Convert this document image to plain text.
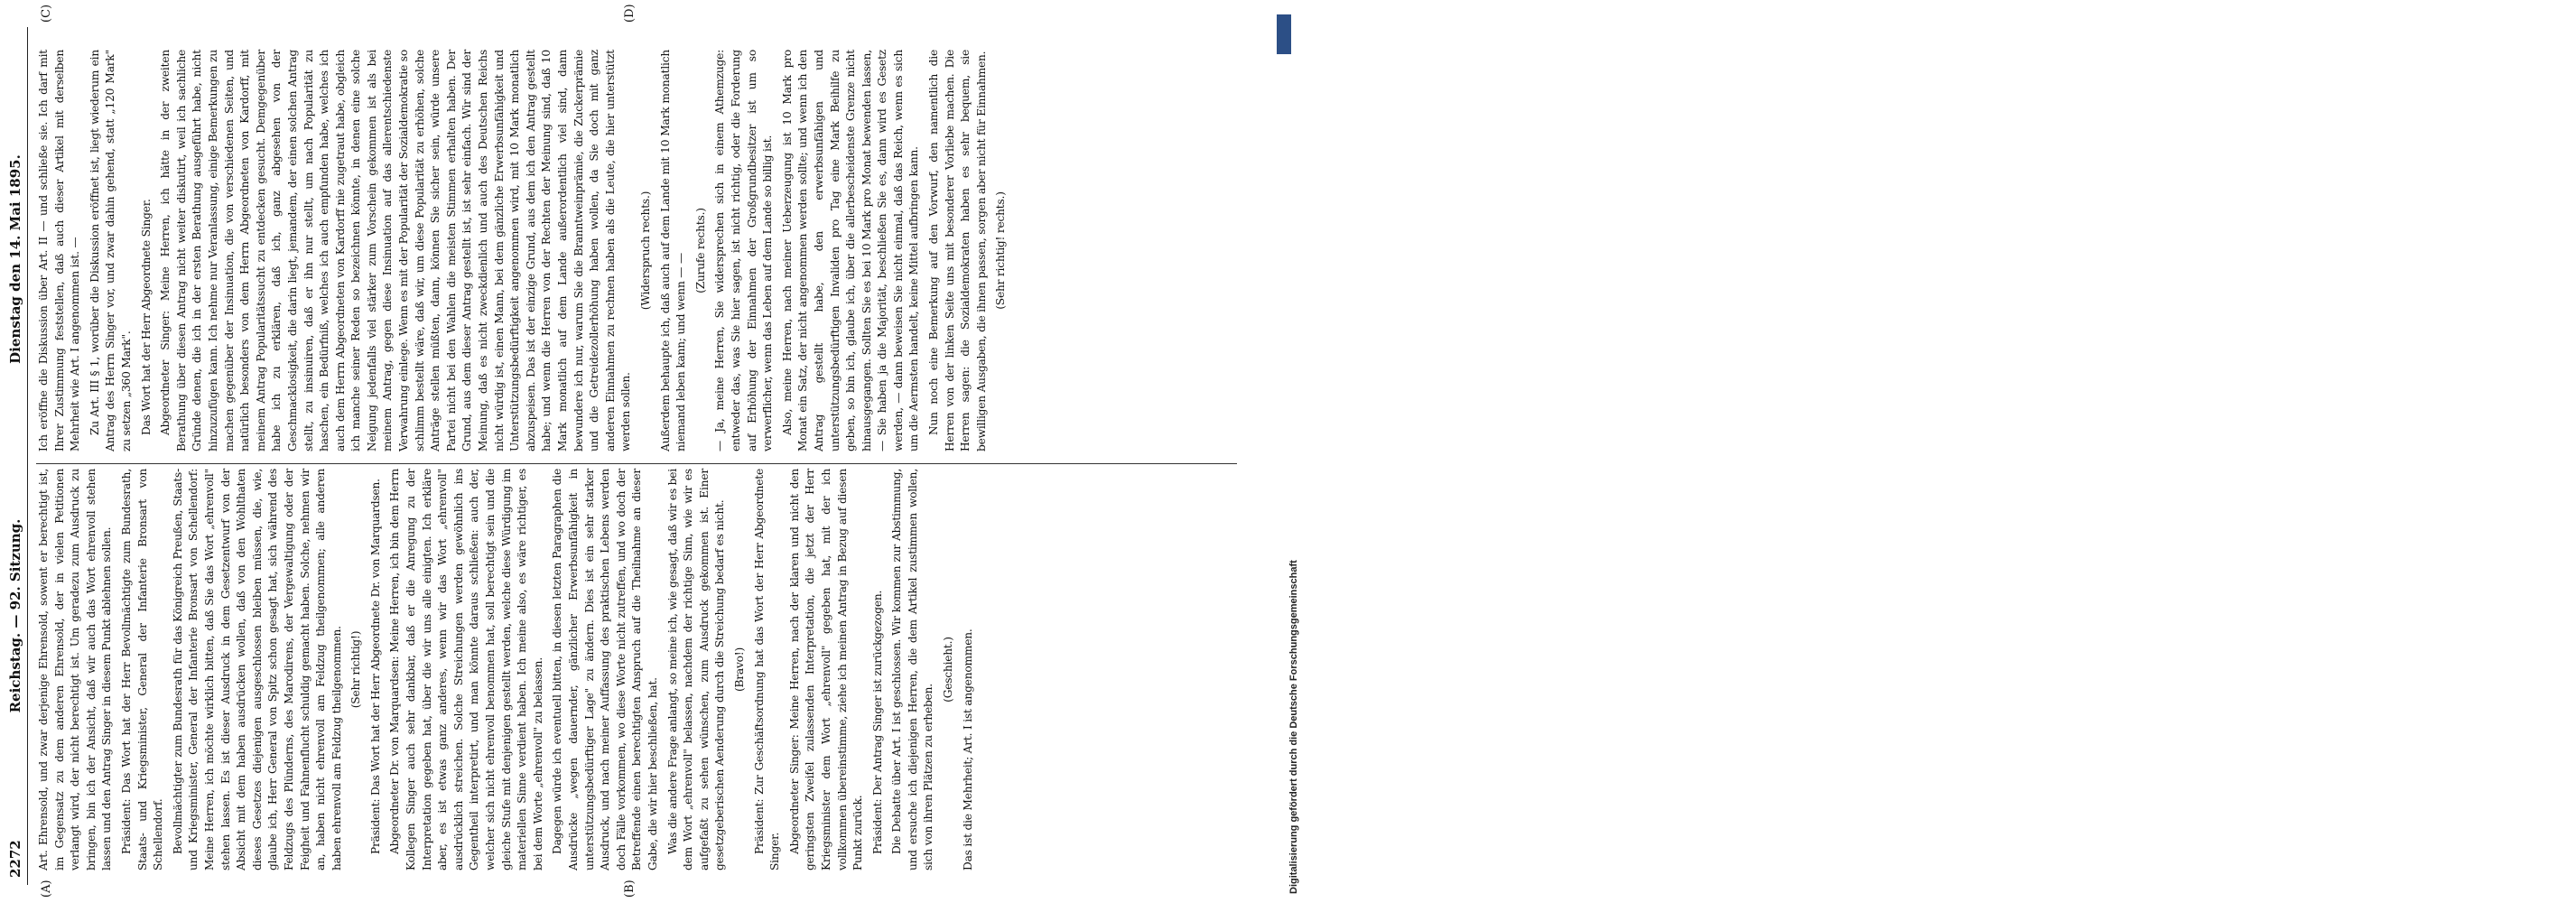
2272
Reichstag. — 92. Sitzung.
Dienstag den 14. Mai 1895.
(A)	(B)
(C)	(D)

Art. Ehrensold, und zwar derjenige Ehrensold, sowent er berechtigt ist, im Gegensatz zu dem anderen Ehrensold, der in vielen Petitionen verlangt wird, der nicht berechtigt ist. Um geradezu zum Ausdruck zu bringen, bin ich der Ansicht, daß wir auch das Wort ehrenvoll stehen lassen und den Antrag Singer in diesem Punkt ablehnen sollen. Präsident: Das Wort hat der Herr Bevollmächtigte zum Bundesrath, Staats- und Kriegsminister, General der Infanterie Bronsart von Schellendorf. Bevollmächtigter zum Bundesrath für das Königreich Preußen, Staats- und Kriegsminister, General der Infanterie Bronsart von Schellendorf: Meine Herren, ich möchte wirklich bitten, daß Sie das Wort „ehrenvoll" stehen lassen. Es ist dieser Ausdruck in dem Gesetzentwurf von der Absicht mit dem haben ausdrücken wollen, daß von den Wohlthaten dieses Gesetzes diejenigen ausgeschlossen bleiben müssen, die, wie, glaube ich, Herr General von Spitz schon gesagt hat, sich während des Feldzugs des Plünderns, des Marodirens, der Vergewaltigung oder der Feigheit und Fahnenflucht schuldig gemacht haben. Solche, nehmen wir an, haben nicht ehrenvoll am Feldzug theilgenommen; alle anderen haben ehrenvoll am Feldzug theilgenommen. (Sehr richtig!) Präsident: Das Wort hat der Herr Abgeordnete Dr. von Marquardsen. Abgeordneter Dr. von Marquardsen: Meine Herren, ich bin dem Herrn Kollegen Singer auch sehr dankbar, daß er die Anregung zu der Interpretation gegeben hat, über die wir uns alle einigten. Ich erkläre aber, es ist etwas ganz anderes, wenn wir das Wort „ehrenvoll" ausdrücklich streichen. Solche Streichungen werden gewöhnlich ins Gegentheil interpretirt, und man könnte daraus schließen: auch der, welcher sich nicht ehrenvoll benommen hat, soll berechtigt sein und die gleiche Stufe mit denjenigen gestellt werden, welche diese Würdigung im materiellen Sinne verdient haben. Ich meine also, es wäre richtiger, es bei dem Worte „ehrenvoll" zu belassen. Dagegen würde ich eventuell bitten, in diesen letzten Paragraphen die Ausdrücke „wegen dauernder, gänzlicher Erwerbsunfähigkeit in unterstützungsbedürftiger Lage" zu ändern. Dies ist ein sehr starker Ausdruck, und nach meiner Auffassung des praktischen Lebens werden doch Fälle vorkommen, wo diese Worte nicht zutreffen, und wo doch der Betreffende einen berechtigten Anspruch auf die Theilnahme an dieser Gabe, die wir hier beschließen, hat. Was die andere Frage anlangt, so meine ich, wie gesagt, daß wir es bei dem Wort „ehrenvoll" belassen, nachdem der richtige Sinn, wie wir es aufgefaßt zu sehen wünschen, zum Ausdruck gekommen ist. Einer gesetzgeberischen Aenderung durch die Streichung bedarf es nicht. (Bravo!) Präsident: Zur Geschäftsordnung hat das Wort der Herr Abgeordnete Singer. Abgeordneter Singer: Meine Herren, nach der klaren und nicht den geringsten Zweifel zulassenden Interpretation, die jetzt der Herr Kriegsminister dem Wort „ehrenvoll" gegeben hat, mit der ich vollkommen übereinstimme, ziehe ich meinen Antrag in Bezug auf diesen Punkt zurück. Präsident: Der Antrag Singer ist zurückgezogen. Die Debatte über Art. I ist geschlossen. Wir kommen zur Abstimmung, und ersuche ich diejenigen Herren, die dem Artikel zustimmen wollen, sich von ihren Plätzen zu erheben.

(Geschieht.) Das ist die Mehrheit; Art. I ist angenommen.

Ich eröffne die Diskussion über Art. II — und schließe sie. Ich darf mit Ihrer Zustimmung feststellen, daß auch dieser Artikel mit derselben Mehrheit wie Art. I angenommen ist. — Zu Art. III § 1, worüber die Diskussion eröffnet ist, liegt wiederum ein Antrag des Herrn Singer vor, und zwar dahin gehend, statt „120 Mark" zu setzen „360 Mark". Das Wort hat der Herr Abgeordnete Singer. Abgeordneter Singer: Meine Herren, ich hätte in der zweiten Berathung über diesen Antrag nicht weiter diskutirt, weil ich sachliche Gründe denen, die ich in der ersten Berathung ausgeführt habe, nicht hinzuzufügen kann. Ich nehme nur Veranlassung, einige Bemerkungen zu machen gegenüber der Insinuation, die von verschiedenen Seiten, und natürlich besonders von dem Herrn Abgeordneten von Kardorff, mit meinem Antrag Popularitätssucht zu entdecken gesucht. Demgegenüber habe ich zu erklären, daß ich, ganz abgesehen von der Geschmacklosigkeit, die darin liegt, jemandem, der einen solchen Antrag stellt, zu insinuiren, daß er ihn nur stellt, um nach Popularität zu haschen, ein Bedürfniß, welches ich auch empfunden habe, welches ich auch dem Herrn Abgeordneten von Kardorff nie zugetraut habe, obgleich ich manche seiner Reden so bezeichnen könnte, in denen eine solche Neigung jedenfalls viel stärker zum Vorschein gekommen ist als bei meinem Antrag, gegen diese Insinuation auf das allerentschiedenste Verwahrung einlege. Wenn es mit der Popularität der Sozialdemokratie so schlimm bestellt wäre, daß wir, um diese Popularität zu erhöhen, solche Anträge stellen müßten, dann, können Sie sicher sein, würde unsere Partei nicht bei den Wahlen die meisten Stimmen erhalten haben. Der Grund, aus dem dieser Antrag gestellt ist, ist sehr einfach. Wir sind der Meinung, daß es nicht zweckdienlich und auch des Deutschen Reichs nicht würdig ist, einen Mann, bei dem gänzliche Erwerbsunfähigkeit und Unterstützungsbedürftigkeit angenommen wird, mit 10 Mark monatlich abzuspeisen. Das ist der einzige Grund, aus dem ich den Antrag gestellt habe; und wenn die Herren von der Rechten der Meinung sind, daß 10 Mark monatlich auf dem Lande außerordentlich viel sind, dann bewundere ich nur, warum Sie die Branntweinprämie, die Zuckerprämie und die Getreidezollerhöhung haben wollen, da Sie doch mit ganz anderen Einnahmen zu rechnen haben als die Leute, die hier unterstützt werden sollen.

(Widerspruch rechts.) Außerdem behaupte ich, daß auch auf dem Lande mit 10 Mark monatlich niemand leben kann; und wenn — —

(Zurufe rechts.) — Ja, meine Herren, Sie widersprechen sich in einem Athemzuge: entweder das, was Sie hier sagen, ist nicht richtig, oder die Forderung auf Erhöhung der Einnahmen der Großgrundbesitzer ist um so verwerflicher, wenn das Leben auf dem Lande so billig ist. Also, meine Herren, nach meiner Ueberzeugung ist 10 Mark pro Monat ein Satz, der nicht angenommen werden sollte; und wenn ich den Antrag gestellt habe, den erwerbsunfähigen und unterstützungsbedürftigen Invaliden pro Tag eine Mark Beihilfe zu geben, so bin ich, glaube ich, über die allerbescheidenste Grenze nicht hinausgegangen. Sollten Sie es bei 10 Mark pro Monat bewenden lassen, — Sie haben ja die Majorität, beschließen Sie es, dann wird es Gesetz werden, — dann beweisen Sie nicht einmal, daß das Reich, wenn es sich um die Aermsten handelt, keine Mittel aufbringen kann. Nun noch eine Bemerkung auf den Vorwurf, den namentlich die Herren von der linken Seite uns mit besonderer Vorliebe machen. Die Herren sagen: die Sozialdemokraten haben es sehr bequem, sie bewilligen Ausgaben, die ihnen passen, sorgen aber nicht für Einnahmen. (Sehr richtig! rechts.)

DFG
Digitalisierung gefördert durch die Deutsche Forschungsgemeinschaft
